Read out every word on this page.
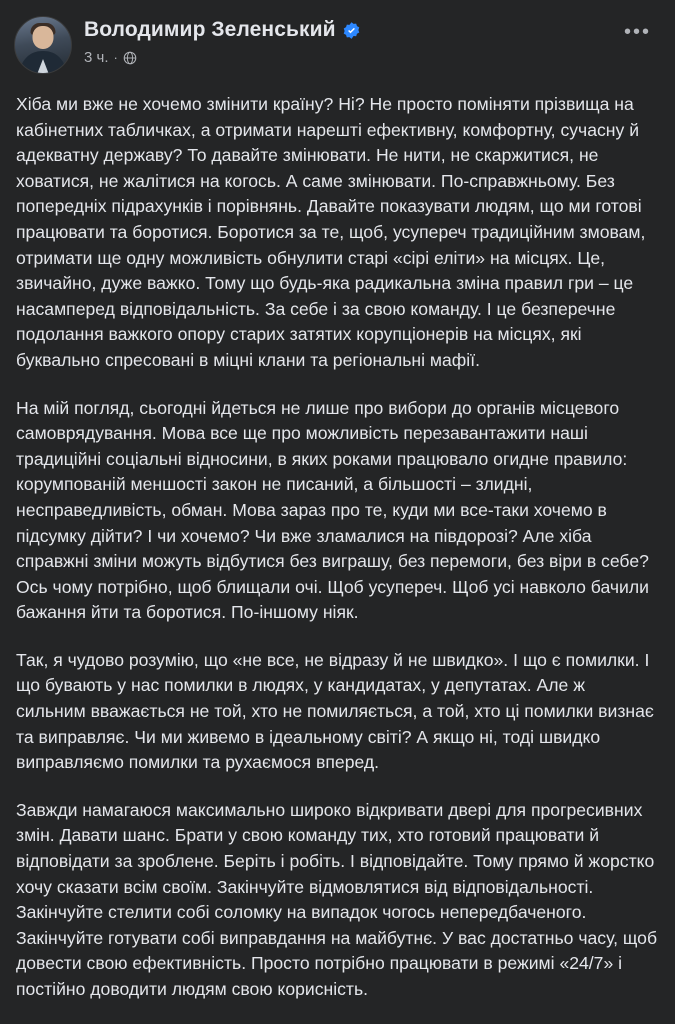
Володимир Зеленський
3 ч. ·
•••

Хіба ми вже не хочемо змінити країну? Ні? Не просто поміняти прізвища на кабінетних табличках, а отримати нарешті ефективну, комфортну, сучасну й адекватну державу? То давайте змінювати. Не нити, не скаржитися, не ховатися, не жалітися на когось. А саме змінювати. По-справжньому. Без попередніх підрахунків і порівнянь. Давайте показувати людям, що ми готові працювати та боротися. Боротися за те, щоб, усупереч традиційним змовам, отримати ще одну можливість обнулити старі «сірі еліти» на місцях. Це, звичайно, дуже важко. Тому що будь-яка радикальна зміна правил гри – це насамперед відповідальність. За себе і за свою команду. І це безперечне подолання важкого опору старих затятих корупціонерів на місцях, які буквально спресовані в міцні клани та регіональні мафії.

На мій погляд, сьогодні йдеться не лише про вибори до органів місцевого самоврядування. Мова все ще про можливість перезавантажити наші традиційні соціальні відносини, в яких роками працювало огидне правило: корумпованій меншості закон не писаний, а більшості – злидні, несправедливість, обман. Мова зараз про те, куди ми все-таки хочемо в підсумку дійти? І чи хочемо? Чи вже зламалися на півдорозі? Але хіба справжні зміни можуть відбутися без виграшу, без перемоги, без віри в себе? Ось чому потрібно, щоб блищали очі. Щоб усупереч. Щоб усі навколо бачили бажання йти та боротися. По-іншому ніяк.

Так, я чудово розумію, що «не все, не відразу й не швидко». І що є помилки. І що бувають у нас помилки в людях, у кандидатах, у депутатах. Але ж сильним вважається не той, хто не помиляється, а той, хто ці помилки визнає та виправляє. Чи ми живемо в ідеальному світі? А якщо ні, тоді швидко виправляємо помилки та рухаємося вперед.

Завжди намагаюся максимально широко відкривати двері для прогресивних змін. Давати шанс. Брати у свою команду тих, хто готовий працювати й відповідати за зроблене. Беріть і робіть. І відповідайте. Тому прямо й жорстко хочу сказати всім своїм. Закінчуйте відмовлятися від відповідальності. Закінчуйте стелити собі соломку на випадок чогось непередбаченого. Закінчуйте готувати собі виправдання на майбутнє. У вас достатньо часу, щоб довести свою ефективність. Просто потрібно працювати в режимі «24/7» і постійно доводити людям свою корисність.
